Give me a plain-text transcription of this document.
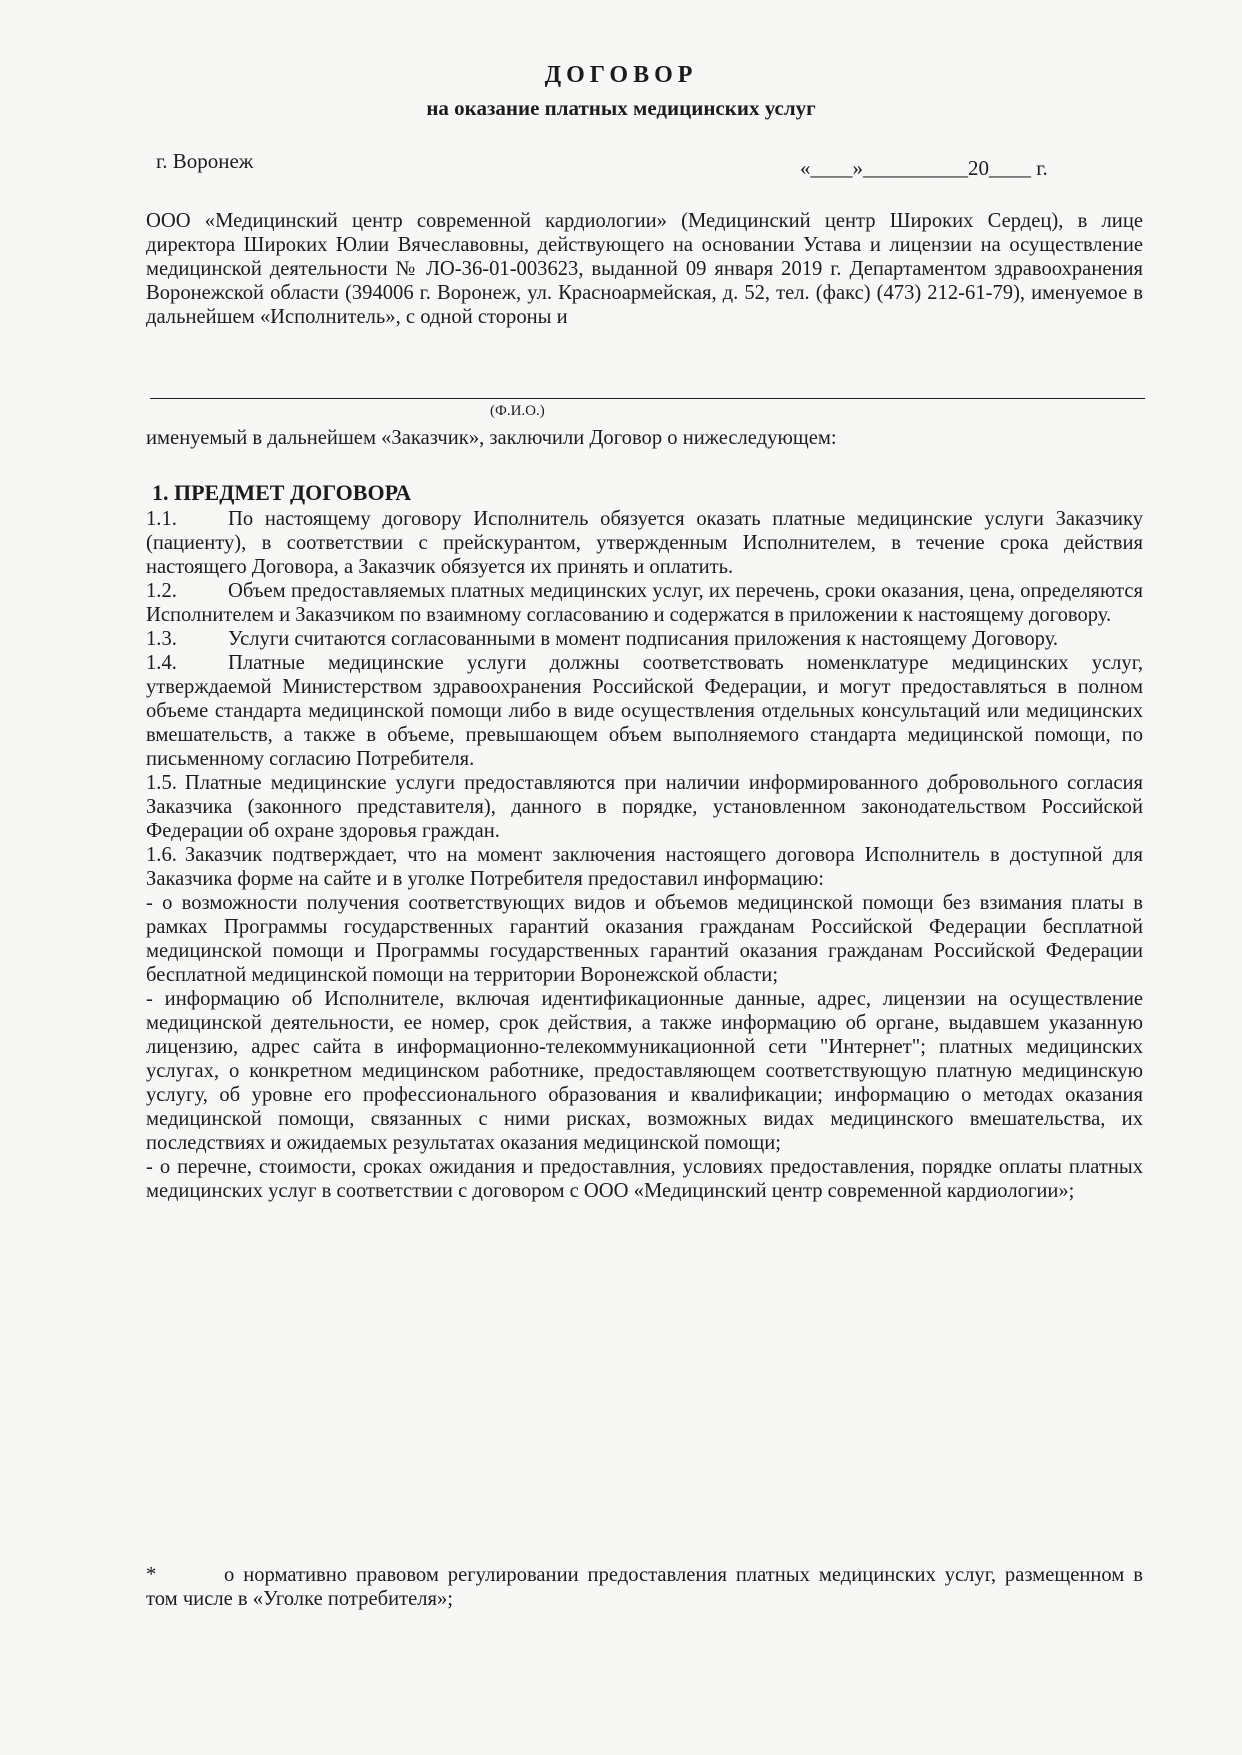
ДОГОВОР
на оказание платных медицинских услуг
г. Воронеж	«____»__________20____ г.
ООО «Медицинский центр современной кардиологии» (Медицинский центр Широких Сердец), в лице директора Широких Юлии Вячеславовны, действующего на основании Устава и лицензии на осуществление медицинской деятельности № ЛО-36-01-003623, выданной 09 января 2019 г. Департаментом здравоохранения Воронежской области (394006 г. Воронеж, ул. Красноармейская, д. 52, тел. (факс) (473) 212-61-79), именуемое в дальнейшем «Исполнитель», с одной стороны и
(Ф.И.О.)
именуемый в дальнейшем «Заказчик», заключили Договор о нижеследующем:
1. ПРЕДМЕТ ДОГОВОРА

1.1. По настоящему договору Исполнитель обязуется оказать платные медицинские услуги Заказчику (пациенту), в соответствии с прейскурантом, утвержденным Исполнителем, в течение срока действия настоящего Договора, а Заказчик обязуется их принять и оплатить.

1.2. Объем предоставляемых платных медицинских услуг, их перечень, сроки оказания, цена, определяются Исполнителем и Заказчиком по взаимному согласованию и содержатся в приложении к настоящему договору.

1.3. Услуги считаются согласованными в момент подписания приложения к настоящему Договору.

1.4. Платные медицинские услуги должны соответствовать номенклатуре медицинских услуг, утверждаемой Министерством здравоохранения Российской Федерации, и могут предоставляться в полном объеме стандарта медицинской помощи либо в виде осуществления отдельных консультаций или медицинских вмешательств, а также в объеме, превышающем объем выполняемого стандарта медицинской помощи, по письменному согласию Потребителя.

1.5. Платные медицинские услуги предоставляются при наличии информированного добровольного согласия Заказчика (законного представителя), данного в порядке, установленном законодательством Российской Федерации об охране здоровья граждан.

1.6. Заказчик подтверждает, что на момент заключения настоящего договора Исполнитель в доступной для Заказчика форме на сайте и в уголке Потребителя предоставил информацию:

- о возможности получения соответствующих видов и объемов медицинской помощи без взимания платы в рамках Программы государственных гарантий оказания гражданам Российской Федерации бесплатной медицинской помощи и Программы государственных гарантий оказания гражданам Российской Федерации бесплатной медицинской помощи на территории Воронежской области;

- информацию об Исполнителе, включая идентификационные данные, адрес, лицензии на осуществление медицинской деятельности, ее номер, срок действия, а также информацию об органе, выдавшем указанную лицензию, адрес сайта в информационно-телекоммуникационной сети "Интернет"; платных медицинских услугах, о конкретном медицинском работнике, предоставляющем соответствующую платную медицинскую услугу, об уровне его профессионального образования и квалификации; информацию о методах оказания медицинской помощи, связанных с ними рисках, возможных видах медицинского вмешательства, их последствиях и ожидаемых результатах оказания медицинской помощи;

- о перечне, стоимости, сроках ожидания и предоставлния, условиях предоставления, порядке оплаты платных медицинских услуг в соответствии с договором с ООО «Медицинский центр современной кардиологии»;

*	о нормативно правовом регулировании предоставления платных медицинских услуг, размещенном в том числе в «Уголке потребителя»;
